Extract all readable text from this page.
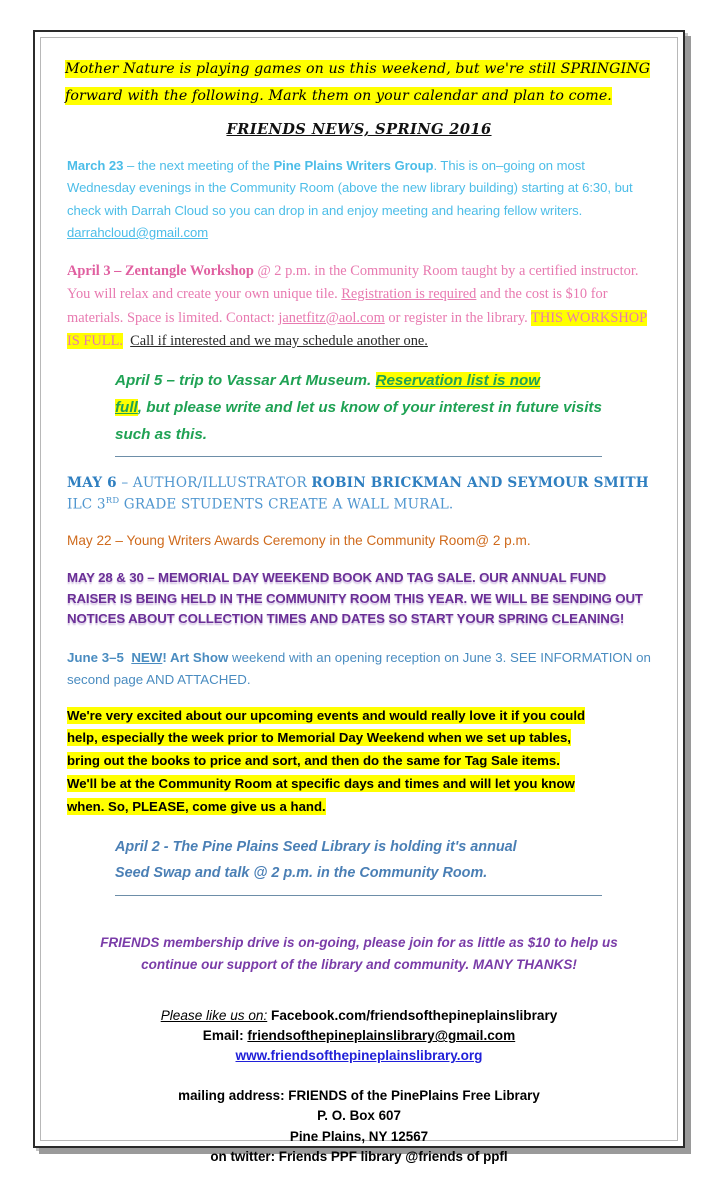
Mother Nature is playing games on us this weekend, but we're still SPRINGING
forward with the following. Mark them on your calendar and plan to come.
FRIENDS NEWS, SPRING 2016

March 23 – the next meeting of the Pine Plains Writers Group. This is on–going on most Wednesday evenings in the Community Room (above the new library building) starting at 6:30, but check with Darrah Cloud so you can drop in and enjoy meeting and hearing fellow writers. darrahcloud@gmail.com

April 3 – Zentangle Workshop @ 2 p.m. in the Community Room taught by a certified instructor. You will relax and create your own unique tile. Registration is required and the cost is $10 for materials. Space is limited. Contact: janetfitz@aol.com or register in the library. THIS WORKSHOP IS FULL. Call if interested and we may schedule another one.

April 5 – trip to Vassar Art Museum. Reservation list is now
full, but please write and let us know of your interest in future visits such as this.

MAY 6 – AUTHOR/ILLUSTRATOR ROBIN BRICKMAN AND SEYMOUR SMITH ILC 3RD GRADE STUDENTS CREATE A WALL MURAL.

May 22 – Young Writers Awards Ceremony in the Community Room@ 2 p.m.

MAY 28 & 30 – MEMORIAL DAY WEEKEND BOOK AND TAG SALE. OUR ANNUAL FUND RAISER IS BEING HELD IN THE COMMUNITY ROOM THIS YEAR. WE WILL BE SENDING OUT NOTICES ABOUT COLLECTION TIMES AND DATES SO START YOUR SPRING CLEANING!

June 3–5 NEW! Art Show weekend with an opening reception on June 3. SEE INFORMATION on second page AND ATTACHED.

We're very excited about our upcoming events and would really love it if you could
help, especially the week prior to Memorial Day Weekend when we set up tables,
bring out the books to price and sort, and then do the same for Tag Sale items.
We'll be at the Community Room at specific days and times and will let you know
when. So, PLEASE, come give us a hand.

April 2 - The Pine Plains Seed Library is holding it's annual
Seed Swap and talk @ 2 p.m. in the Community Room.

FRIENDS membership drive is on-going, please join for as little as $10 to help us
continue our support of the library and community. MANY THANKS!
Please like us on: Facebook.com/friendsofthepineplainslibrary
Email: friendsofthepineplainslibrary@gmail.com
www.friendsofthepineplainslibrary.org
mailing address: FRIENDS of the PinePlains Free Library
P. O. Box 607
Pine Plains, NY 12567
on twitter: Friends PPF library @friends of ppfl
